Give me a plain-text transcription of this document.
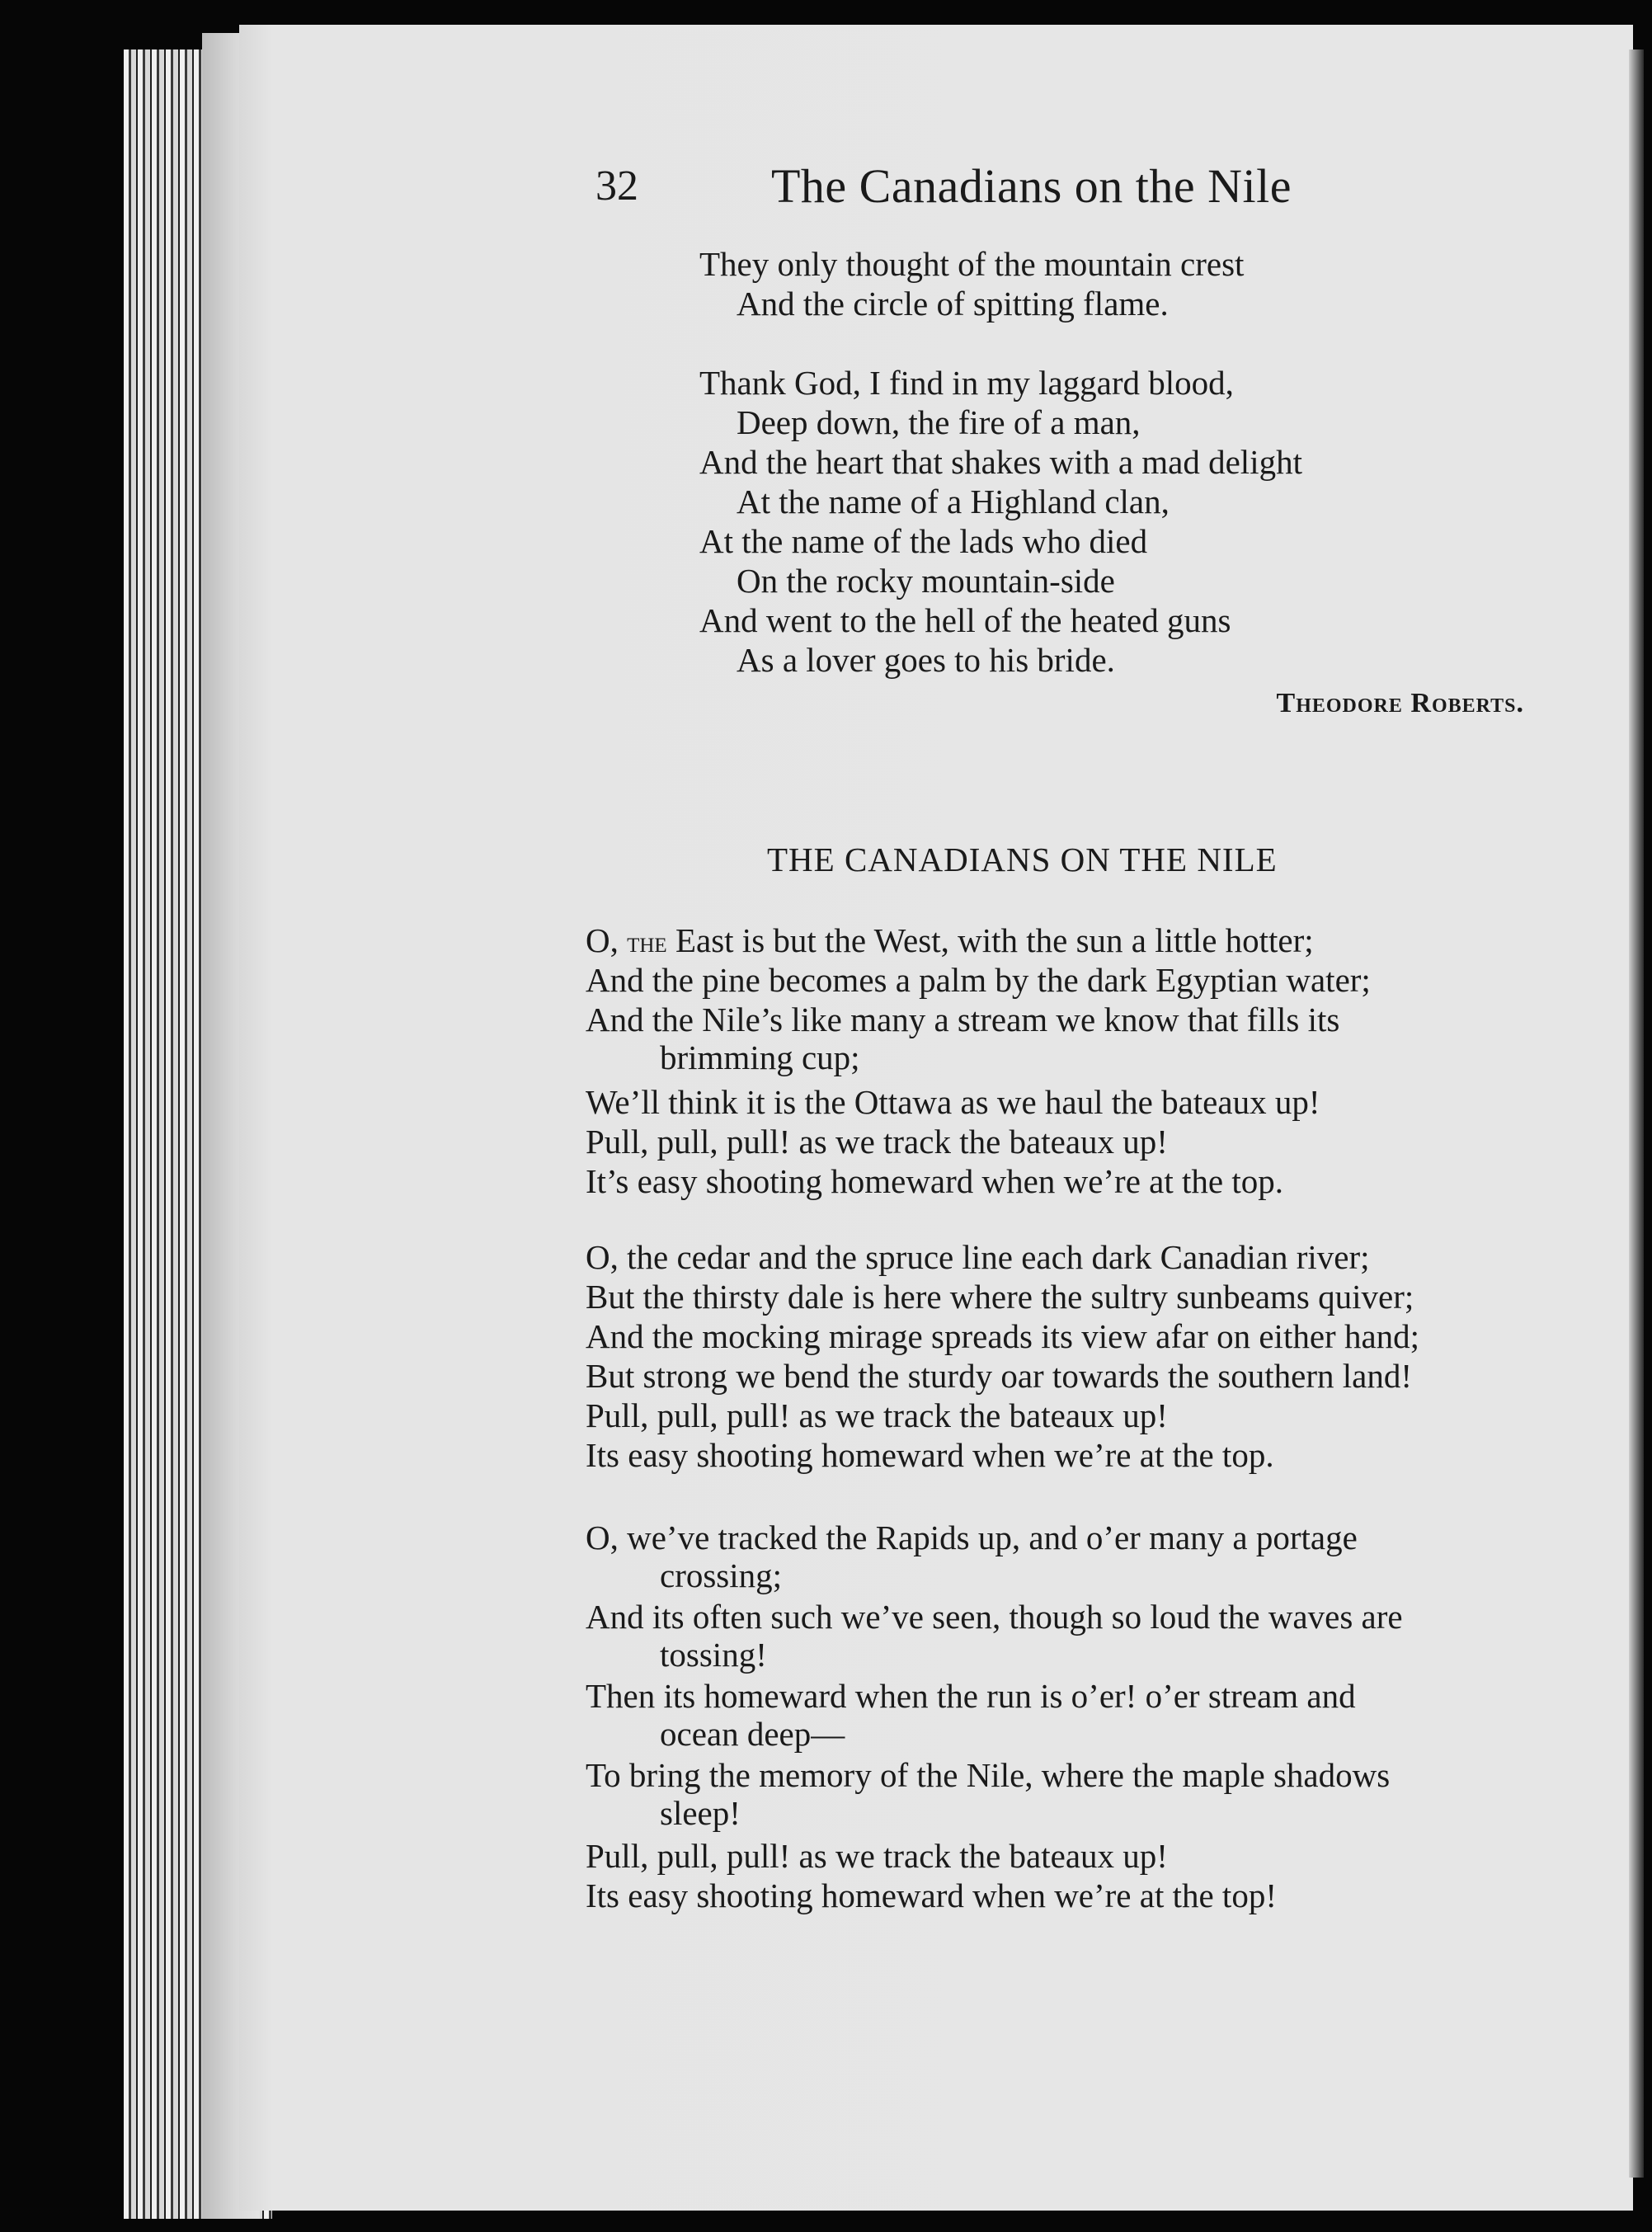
32	The Canadians on the Nile
They only thought of the mountain crest
And the circle of spitting flame.
Thank God, I find in my laggard blood,
Deep down, the fire of a man,
And the heart that shakes with a mad delight
At the name of a Highland clan,
At the name of the lads who died
On the rocky mountain-side
And went to the hell of the heated guns
As a lover goes to his bride.
Theodore Roberts.
THE CANADIANS ON THE NILE
O, the East is but the West, with the sun a little hotter;
And the pine becomes a palm by the dark Egyptian water;
And the Nile’s like many a stream we know that fills its
brimming cup;
We’ll think it is the Ottawa as we haul the bateaux up!
Pull, pull, pull! as we track the bateaux up!
It’s easy shooting homeward when we’re at the top.
O, the cedar and the spruce line each dark Canadian river;
But the thirsty dale is here where the sultry sunbeams quiver;
And the mocking mirage spreads its view afar on either hand;
But strong we bend the sturdy oar towards the southern land!
Pull, pull, pull! as we track the bateaux up!
Its easy shooting homeward when we’re at the top.
O, we’ve tracked the Rapids up, and o’er many a portage
crossing;
And its often such we’ve seen, though so loud the waves are
tossing!
Then its homeward when the run is o’er! o’er stream and
ocean deep—
To bring the memory of the Nile, where the maple shadows
sleep!
Pull, pull, pull! as we track the bateaux up!
Its easy shooting homeward when we’re at the top!
